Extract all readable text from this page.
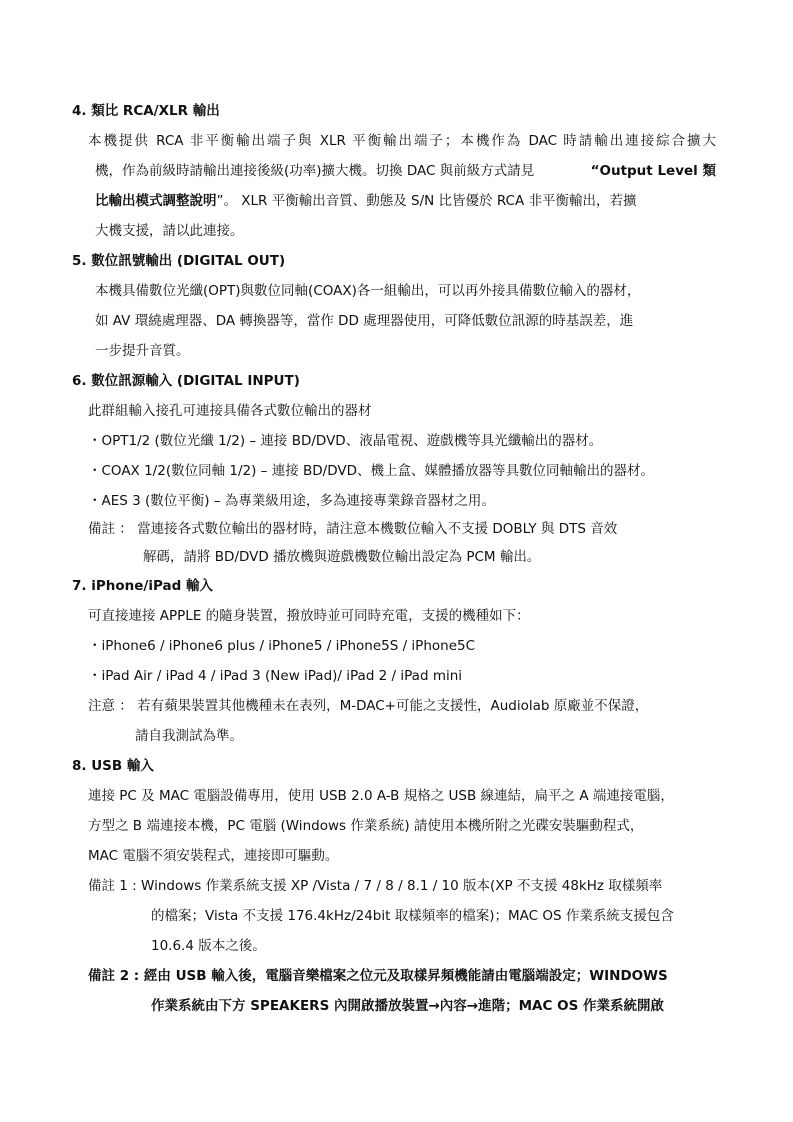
4. 類比 RCA/XLR 輸出
本機提供 RCA 非平衡輸出端子與 XLR 平衡輸出端子；本機作為 DAC 時請輸出連接綜合擴大
機，作為前級時請輸出連接後級(功率)擴大機。切換 DAC 與前級方式請見	“Output Level 類
比輸出模式調整說明”。 XLR 平衡輸出音質、動態及 S/N 比皆優於 RCA 非平衡輸出，若擴
大機支援，請以此連接。
5. 數位訊號輸出 (DIGITAL OUT)
本機具備數位光纖(OPT)與數位同軸(COAX)各一組輸出，可以再外接具備數位輸入的器材，
如 AV 環繞處理器、DA 轉換器等，當作 DD 處理器使用，可降低數位訊源的時基誤差，進
一步提升音質。
6. 數位訊源輸入 (DIGITAL INPUT)
此群組輸入接孔可連接具備各式數位輸出的器材
・OPT1/2 (數位光纖 1/2) – 連接 BD/DVD、液晶電視、遊戲機等具光纖輸出的器材。
・COAX 1/2(數位同軸 1/2) – 連接 BD/DVD、機上盒、媒體播放器等具數位同軸輸出的器材。
・AES 3 (數位平衡) – 為專業級用途，多為連接專業錄音器材之用。
備註 ： 當連接各式數位輸出的器材時，請注意本機數位輸入不支援 DOBLY 與 DTS 音效
解碼，請將 BD/DVD 播放機與遊戲機數位輸出設定為 PCM 輸出。
7. iPhone/iPad 輸入
可直接連接 APPLE 的隨身裝置，撥放時並可同時充電，支援的機種如下：
・iPhone6 / iPhone6 plus / iPhone5 / iPhone5S / iPhone5C
・iPad Air / iPad 4 / iPad 3 (New iPad)/ iPad 2 / iPad mini
注意 ： 若有蘋果裝置其他機種未在表列，M-DAC+可能之支援性，Audiolab 原廠並不保證，
請自我測試為準。
8. USB 輸入
連接 PC 及 MAC 電腦設備專用，使用 USB 2.0 A-B 規格之 USB 線連結，扁平之 A 端連接電腦，
方型之 B 端連接本機，PC 電腦 (Windows 作業系統) 請使用本機所附之光碟安裝驅動程式，
MAC 電腦不須安裝程式，連接即可驅動。
備註 1 : Windows 作業系統支援 XP /Vista / 7 / 8 / 8.1 / 10 版本(XP 不支援 48kHz 取樣頻率
的檔案；Vista 不支援 176.4kHz/24bit 取樣頻率的檔案)；MAC OS 作業系統支援包含
10.6.4 版本之後。
備註 2 : 經由 USB 輸入後，電腦音樂檔案之位元及取樣昇頻機能請由電腦端設定；WINDOWS
作業系統由下方 SPEAKERS 內開啟播放裝置→內容→進階；MAC OS 作業系統開啟
